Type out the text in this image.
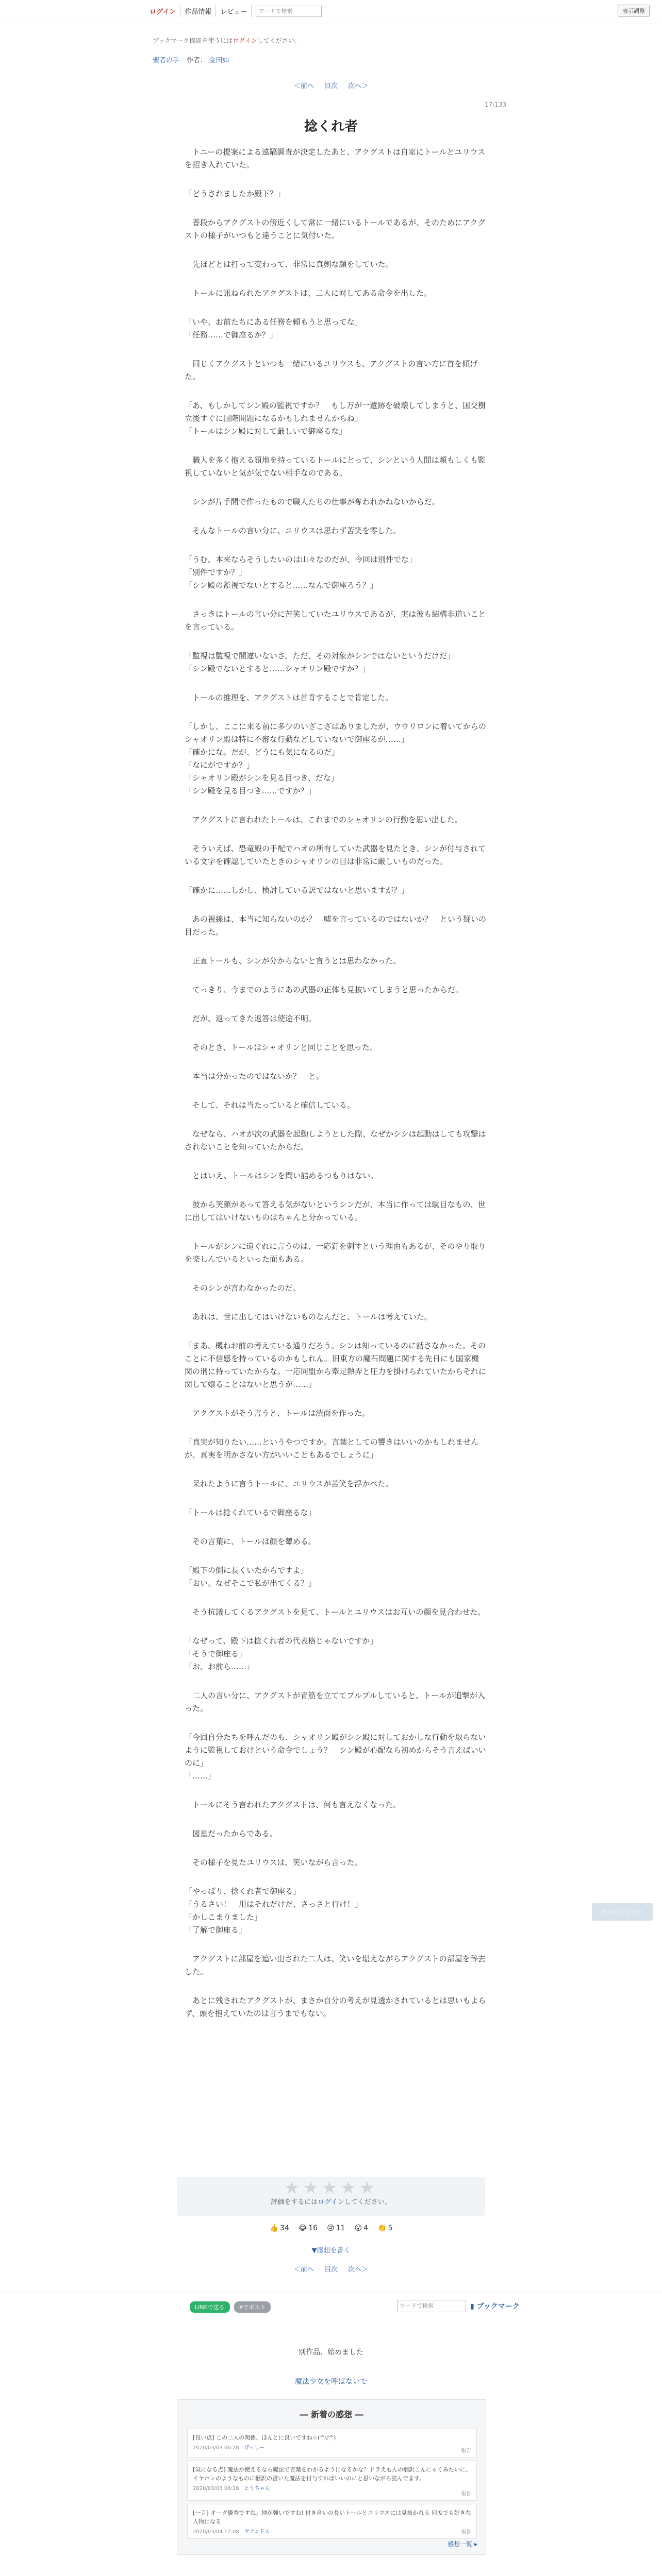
ログイン	作品情報	レビュー	ワードで検索	表示調整
ブックマーク機能を使うにはログインしてください。
聖者の手 作者： 金田如
＜前へ 目次 次へ＞
17/133
捻くれ者

　トニーの提案による遠隔調査が決定したあと、アクグストは自室にトールとユリウスを招き入れていた。

「どうされましたか殿下？」

　普段からアクグストの傍近くして常に一緒にいるトールであるが、そのためにアクグストの様子がいつもと違うことに気付いた。

　先ほどとは打って変わって、非常に真剣な顔をしていた。

　トールに訊ねられたアクグストは、二人に対してある命令を出した。

「いや、お前たちにある任務を頼もうと思ってな」
「任務……で御座るか？」

　同じくアクグストといつも一緒にいるユリウスも、アクグストの言い方に首を傾げた。

「あ、もしかしてシン殿の監視ですか？　もし万が一遺跡を破壊してしまうと、国交樹立後すぐに国際問題になるかもしれませんからね」
「トールはシン殿に対して厳しいで御座るな」

　職人を多く抱える領地を持っているトールにとって、シンという人間は頼もしくも監視していないと気が気でない相手なのである。

　シンが片手間で作ったもので職人たちの仕事が奪われかねないからだ。

　そんなトールの言い分に、ユリウスは思わず苦笑を零した。

「うむ。本来ならそうしたいのは山々なのだが、今回は別件でな」
「別件ですか？」
「シン殿の監視でないとすると……なんで御座ろう？」

　さっきはトールの言い分に苦笑していたユリウスであるが、実は彼も結構非道いことを言っている。

「監視は監視で間違いないさ。ただ、その対象がシンではないというだけだ」
「シン殿でないとすると……シャオリン殿ですか？」

　トールの推理を、アクグストは首肯することで肯定した。

「しかし、ここに来る前に多少のいざこざはありましたが、ウウリロンに着いてからのシャオリン殿は特に不審な行動などしていないで御座るが……」
「確かにな。だが、どうにも気になるのだ」
「なにがですか？」
「シャオリン殿がシンを見る目つき、だな」
「シン殿を見る目つき……ですか？」

　アクグストに言われたトールは、これまでのシャオリンの行動を思い出した。

　そういえば、恐竜殿の手配でハオの所有していた武器を見たとき、シンが付与されている文字を確認していたときのシャオリンの目は非常に厳しいものだった。

「確かに……しかし、検討している訳ではないと思いますが？」

　あの視線は、本当に知らないのか？　嘘を言っているのではないか？　という疑いの目だった。

　正直トールも、シンが分からないと言うとは思わなかった。

　てっきり、今までのようにあの武器の正体も見抜いてしまうと思ったからだ。

　だが、返ってきた返答は使途不明。

　そのとき、トールはシャオリンと同じことを思った。

　本当は分かったのではないか？　と。

　そして、それは当たっていると確信している。

　なぜなら、ハオが次の武器を起動しようとした際、なぜかシシは起動はしても攻撃はされないことを知っていたからだ。

　とはいえ、トールはシンを問い詰めるつもりはない。

　彼から笑顔があって答える気がないというシンだが、本当に作っては駄目なもの、世に出してはいけないものはちゃんと分かっている。

　トールがシンに遠ぐれに言うのは、一応釘を刺すという理由もあるが、そのやり取りを楽しんでいるといった面もある。

　そのシンが言わなかったのだ。

　あれは、世に出してはいけないものなんだと、トールは考えていた。

「まあ、概ねお前の考えている通りだろう。シンは知っているのに話さなかった。そのことに不信感を持っているのかもしれん。旧東方の魔石問題に関する先日にも国家機関の刑に持っていたからな。一応同盟から牽足熱弄と圧力を掛けられていたからそれに関して嬢ることはないと思うが……」

　アクグストがそう言うと、トールは渋面を作った。

「真実が知りたい……というやつですか。言葉としての響きはいいのかもしれませんが、真実を明かさない方がいいこともあるでしょうに」

　呆れたように言うトールに、ユリウスが苦笑を浮かべた。

「トールは捻くれているで御座るな」

　その言葉に、トールは顔を顰める。

「殿下の側に長くいたからですよ」
「おい。なぜそこで私が出てくる？」

　そう抗議してくるアクグストを見て、トールとユリウスはお互いの顔を見合わせた。

「なぜって、殿下は捻くれ者の代表格じゃないですか」
「そうで御座る」
「お、お前ら……」

　二人の言い分に、アクグストが青筋を立ててプルプルしていると、トールが追撃が入った。

「今回自分たちを呼んだのも、シャオリン殿がシン殿に対しておかしな行動を取らないように監視しておけという命令でしょう？　シン殿が心配なら初めからそう言えばいいのに」
「……」

　トールにそう言われたアクグストは、何も言えなくなった。

　図星だったからである。

　その様子を見たユリウスは、笑いながら言った。

「やっぱり、捻くれ者で御座る」
「うるさい！　用はそれだけだ、さっさと行け！」
「かしこまりました」
「了解で御座る」

　アクグストに部屋を追い出された二人は、笑いを堪えながらアクグストの部屋を辞去した。

　あとに残されたアクグストが、まさか自分の考えが見透かされているとは思いもよらず、頭を抱えていたのは言うまでもない。

ページトップへ
★★★★★
評価をするにはログインしてください。
👍 34 😂 16 😢 11 😮 4 👏 5
▼感想を書く
＜前へ 目次 次へ＞
LINEで送る	Xでポスト	ワードで検索	▮ ブックマーク
別作品、始めました
魔法少女を呼ばないで
― 新着の感想 ―
[良い点] この二人の関係、ほんとに良いですね☆(^▽^)
2020/03/03 06:28 げっしー
報告
[気になる点] 魔法が使えるなら魔法で言葉をわかるようになるかな？ドラえもんの翻訳こんにゃくみたいに。イヤホンのようなものに翻訳の書いた魔法を付与すればいいのにと思いながら読んでます。
2020/03/03 06:28 とうちゃん
報告
[一言] オーグ優秀ですね。地が強いですね! 付き合いの長いトールとユリウスには見抜かれる 何度でも好きな人物になる
2020/03/04 17:08 ヤナンドス	報告
感想一覧 ▸
